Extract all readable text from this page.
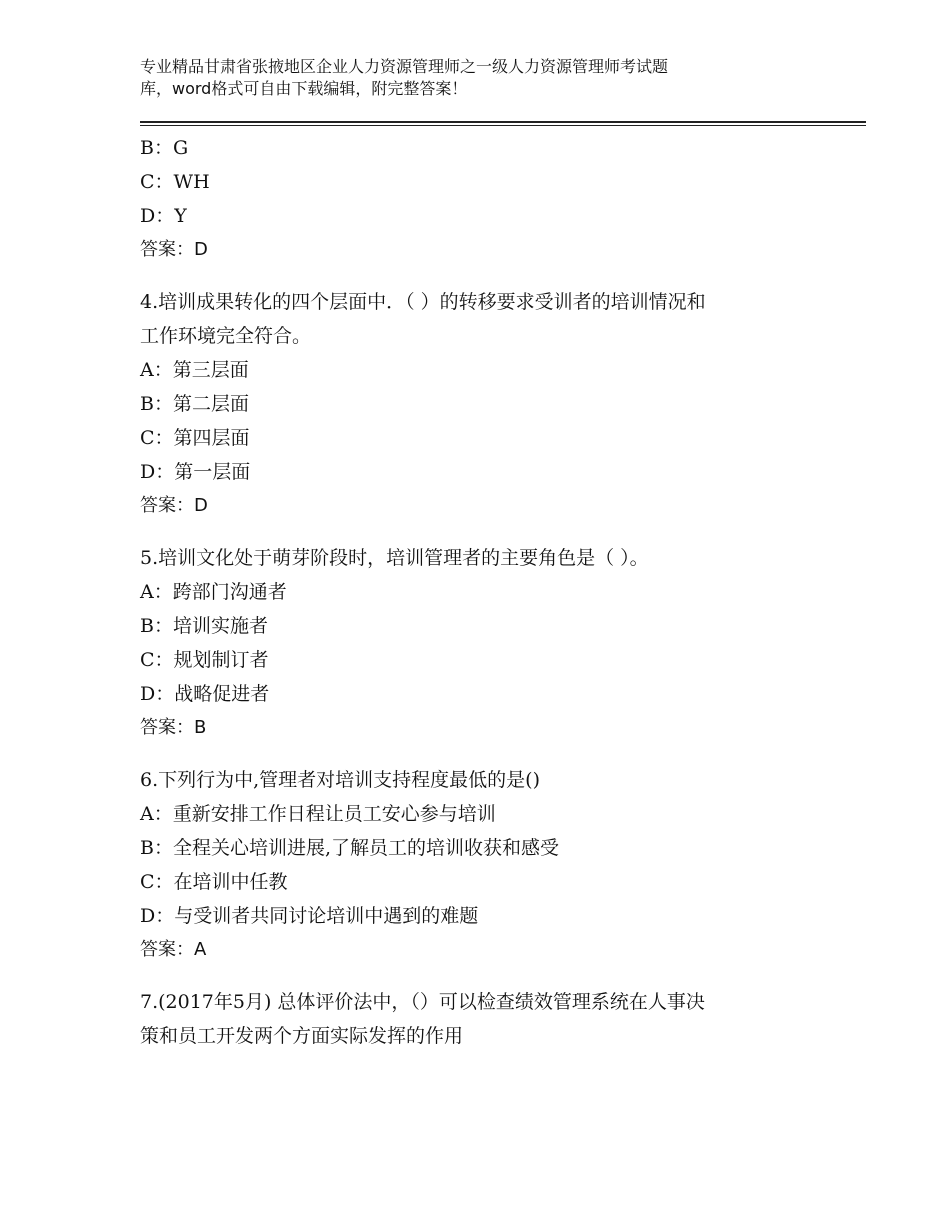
专业精品甘肃省张掖地区企业人力资源管理师之一级人力资源管理师考试题
库，word格式可自由下载编辑，附完整答案！
B：G
C：WH
D：Y
答案：D
4.培训成果转化的四个层面中．（ ）的转移要求受训者的培训情况和
工作环境完全符合。
A：第三层面
B：第二层面
C：第四层面
D：第一层面
答案：D
5.培训文化处于萌芽阶段时，培训管理者的主要角色是（ ）。
A：跨部门沟通者
B：培训实施者
C：规划制订者
D：战略促进者
答案：B
6.下列行为中,管理者对培训支持程度最低的是()
A：重新安排工作日程让员工安心参与培训
B：全程关心培训进展,了解员工的培训收获和感受
C：在培训中任教
D：与受训者共同讨论培训中遇到的难题
答案：A
7.(2017年5月) 总体评价法中，（）可以检查绩效管理系统在人事决
策和员工开发两个方面实际发挥的作用
